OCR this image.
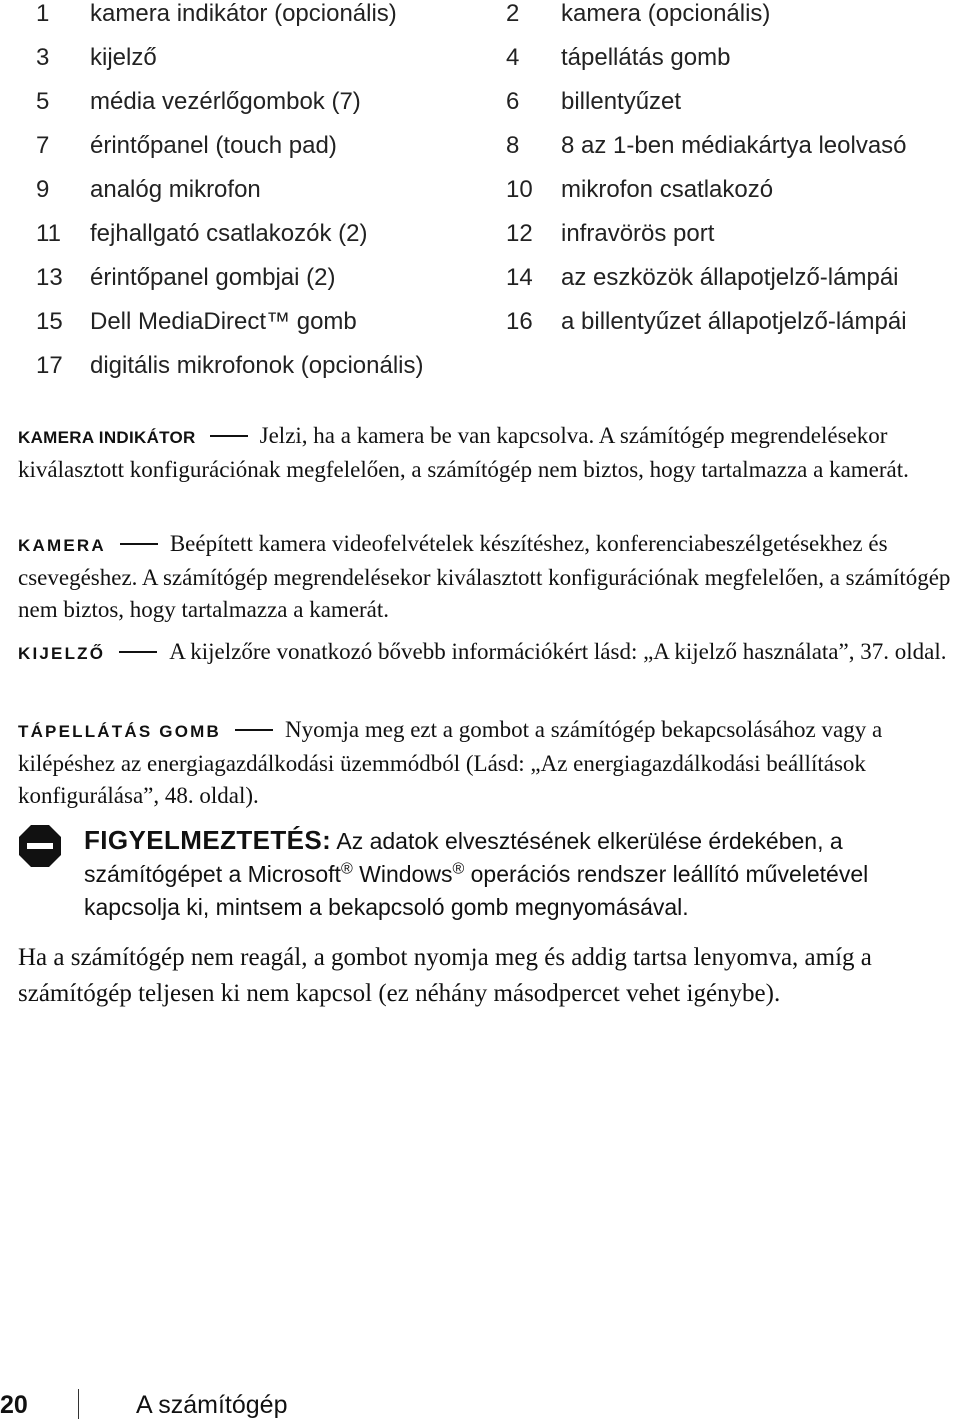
1	kamera indikátor (opcionális)	2	kamera (opcionális)
3	kijelző	4	tápellátás gomb
5	média vezérlőgombok (7)	6	billentyűzet
7	érintőpanel (touch pad)	8	8 az 1-ben médiakártya leolvasó
9	analóg mikrofon	10	mikrofon csatlakozó
11	fejhallgató csatlakozók (2)	12	infravörös port
13	érintőpanel gombjai (2)	14	az eszközök állapotjelző-lámpái
15	Dell MediaDirect™ gomb	16	a billentyűzet állapotjelző-lámpái
17	digitális mikrofonok (opcionális)
KAMERA INDIKÁTOR	Jelzi, ha a kamera be van kapcsolva. A számítógép megrendelésekor kiválasztott konfigurációnak megfelelően, a számítógép nem biztos, hogy tartalmazza a kamerát.
KAMERA	Beépített kamera videofelvételek készítéshez, konferenciabeszélgetésekhez és csevegéshez. A számítógép megrendelésekor kiválasztott konfigurációnak megfelelően, a számítógép nem biztos, hogy tartalmazza a kamerát.
KIJELZŐ	A kijelzőre vonatkozó bővebb információkért lásd: „A kijelző használata”, 37. oldal.
TÁPELLÁTÁS GOMB	Nyomja meg ezt a gombot a számítógép bekapcsolásához vagy a kilépéshez az energiagazdálkodási üzemmódból (Lásd: „Az energiagazdálkodási beállítások konfigurálása”, 48. oldal).
FIGYELMEZTETÉS: Az adatok elvesztésének elkerülése érdekében, a számítógépet a Microsoft® Windows® operációs rendszer leállító műveletével kapcsolja ki, mintsem a bekapcsoló gomb megnyomásával.
Ha a számítógép nem reagál, a gombot nyomja meg és addig tartsa lenyomva, amíg a számítógép teljesen ki nem kapcsol (ez néhány másodpercet vehet igénybe).
20	A számítógép
